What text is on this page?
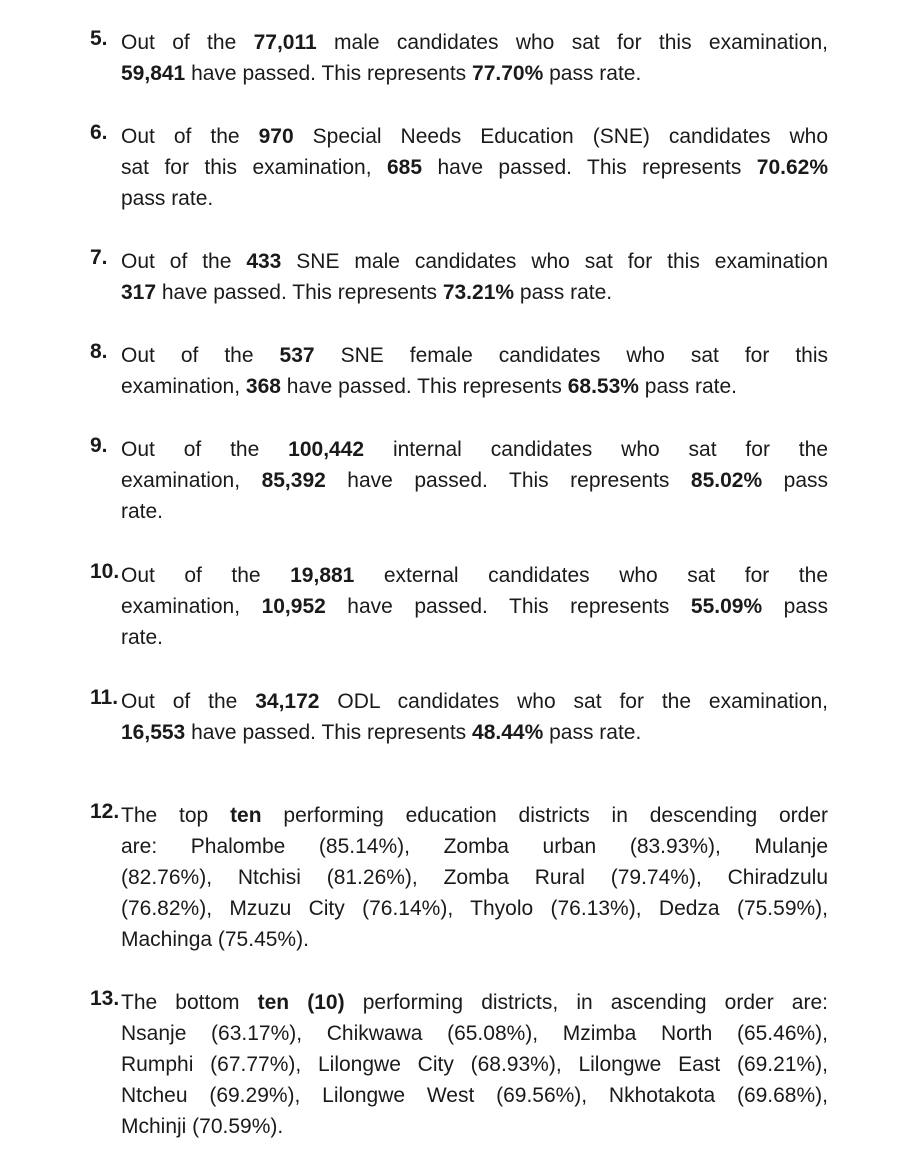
5. Out of the 77,011 male candidates who sat for this examination,
59,841 have passed. This represents 77.70% pass rate.
6. Out of the 970 Special Needs Education (SNE) candidates who
sat for this examination, 685 have passed. This represents 70.62%
pass rate.
7. Out of the 433 SNE male candidates who sat for this examination
317 have passed. This represents 73.21% pass rate.
8. Out of the 537 SNE female candidates who sat for this
examination, 368 have passed. This represents 68.53% pass rate.
9. Out of the 100,442 internal candidates who sat for the
examination, 85,392 have passed. This represents 85.02% pass
rate.
10. Out of the 19,881 external candidates who sat for the
examination, 10,952 have passed. This represents 55.09% pass
rate.
11. Out of the 34,172 ODL candidates who sat for the examination,
16,553 have passed. This represents 48.44% pass rate.
12. The top ten performing education districts in descending order
are: Phalombe (85.14%), Zomba urban (83.93%), Mulanje
(82.76%), Ntchisi (81.26%), Zomba Rural (79.74%), Chiradzulu
(76.82%), Mzuzu City (76.14%), Thyolo (76.13%), Dedza (75.59%),
Machinga (75.45%).
13. The bottom ten (10) performing districts, in ascending order are:
Nsanje (63.17%), Chikwawa (65.08%), Mzimba North (65.46%),
Rumphi (67.77%), Lilongwe City (68.93%), Lilongwe East (69.21%),
Ntcheu (69.29%), Lilongwe West (69.56%), Nkhotakota (69.68%),
Mchinji (70.59%).
